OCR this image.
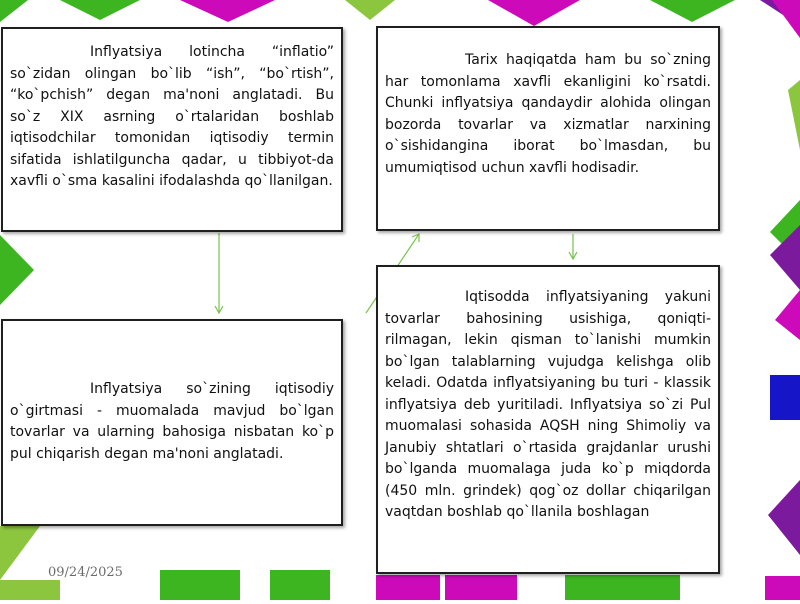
Inflyatsiya lotincha “inflatio” so`zidan olingan bo`lib “ish”, “bo`rtish”, “ko`pchish” degan ma'noni anglatadi. Bu so`z XIX asrning o`rtalaridan boshlab iqtisodchilar tomonidan iqtisodiy termin sifatida ishlatilguncha qadar, u tibbiyot-da xavfli o`sma kasalini ifodalashda qo`llanilgan.

Tarix haqiqatda ham bu so`zning har tomonlama xavfli ekanligini ko`rsatdi. Chunki inflyatsiya qandaydir alohida olingan bozorda tovarlar va xizmatlar narxining o`sishidangina iborat bo`lmasdan, bu umumiqtisod uchun xavfli hodisadir.

Inflyatsiya so`zining iqtisodiy o`girtmasi - muomalada mavjud bo`lgan tovarlar va ularning bahosiga nisbatan ko`p pul chiqarish degan ma'noni anglatadi.

Iqtisodda inflyatsiyaning yakuni tovarlar bahosining usishiga, qoniqti-rilmagan, lekin qisman to`lanishi mumkin bo`lgan talablarning vujudga kelishga olib keladi. Odatda inflyatsiyaning bu turi - klassik inflyatsiya deb yuritiladi. Inflyatsiya so`zi Pul muomalasi sohasida AQSH ning Shimoliy va Janubiy shtatlari o`rtasida grajdanlar urushi bo`lganda muomalaga juda ko`p miqdorda (450 mln. grindek) qog`oz dollar chiqarilgan vaqtdan boshlab qo`llanila boshlagan

09/24/2025
